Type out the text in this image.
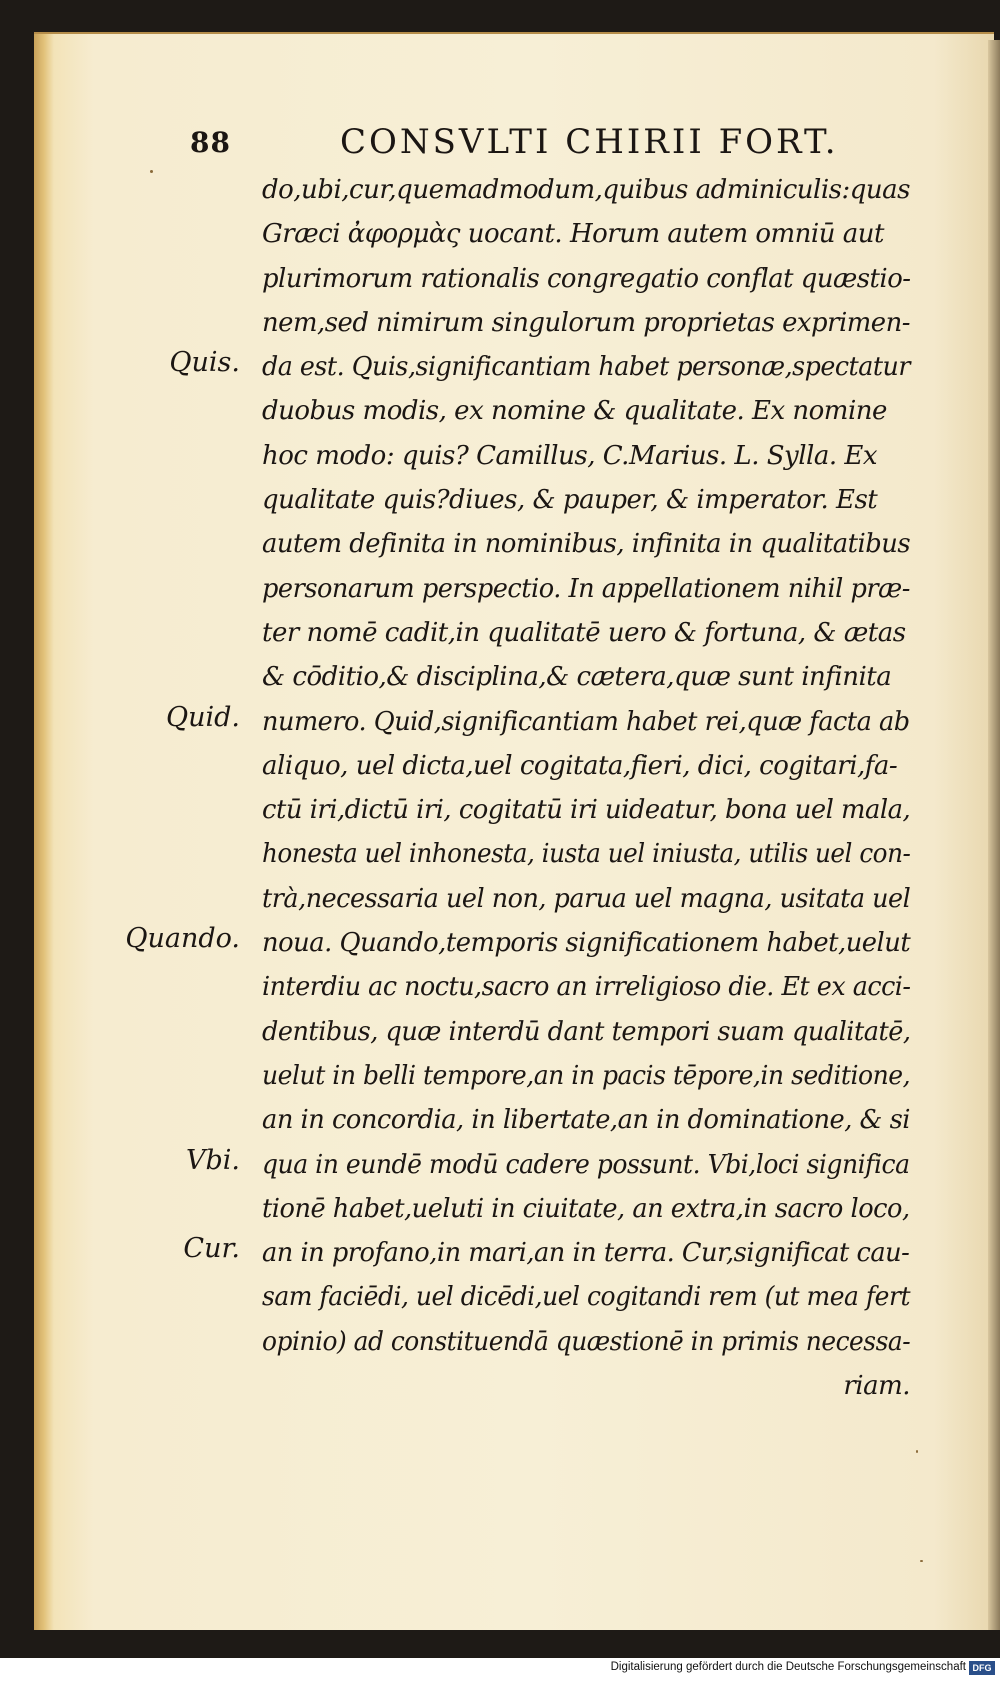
88	CONSVLTI CHIRII FORT.
do,ubi,cur,quemadmodum,quibus adminiculis:quas
Græci ἀφορμὰς uocant. Horum autem omniū aut
plurimorum rationalis congregatio conflat quæstio-
nem,sed nimirum singulorum proprietas exprimen-
da est. Quis,significantiam habet personæ,spectatur
duobus modis, ex nomine & qualitate. Ex nomine
hoc modo: quis? Camillus, C.Marius. L. Sylla. Ex
qualitate quis?diues, & pauper, & imperator. Est
autem definita in nominibus, infinita in qualitatibus
personarum perspectio. In appellationem nihil præ-
ter nomē cadit,in qualitatē uero & fortuna, & ætas
& cōditio,& disciplina,& cætera,quæ sunt infinita
numero. Quid,significantiam habet rei,quæ facta ab
aliquo, uel dicta,uel cogitata,fieri, dici, cogitari,fa-
ctū iri,dictū iri, cogitatū iri uideatur, bona uel mala,
honesta uel inhonesta, iusta uel iniusta, utilis uel con-
trà,necessaria uel non, parua uel magna, usitata uel
noua. Quando,temporis significationem habet,uelut
interdiu ac noctu,sacro an irreligioso die. Et ex acci-
dentibus, quæ interdū dant tempori suam qualitatē,
uelut in belli tempore,an in pacis tēpore,in seditione,
an in concordia, in libertate,an in dominatione, & si
qua in eundē modū cadere possunt. Vbi,loci significa
tionē habet,ueluti in ciuitate, an extra,in sacro loco,
an in profano,in mari,an in terra. Cur,significat cau-
sam faciēdi, uel dicēdi,uel cogitandi rem (ut mea fert
opinio) ad constituendā quæstionē in primis necessa-
riam.
Quis.
Quid.
Quando.
Vbi.
Cur.
Digitalisierung gefördert durch die Deutsche Forschungsgemeinschaft DFG
